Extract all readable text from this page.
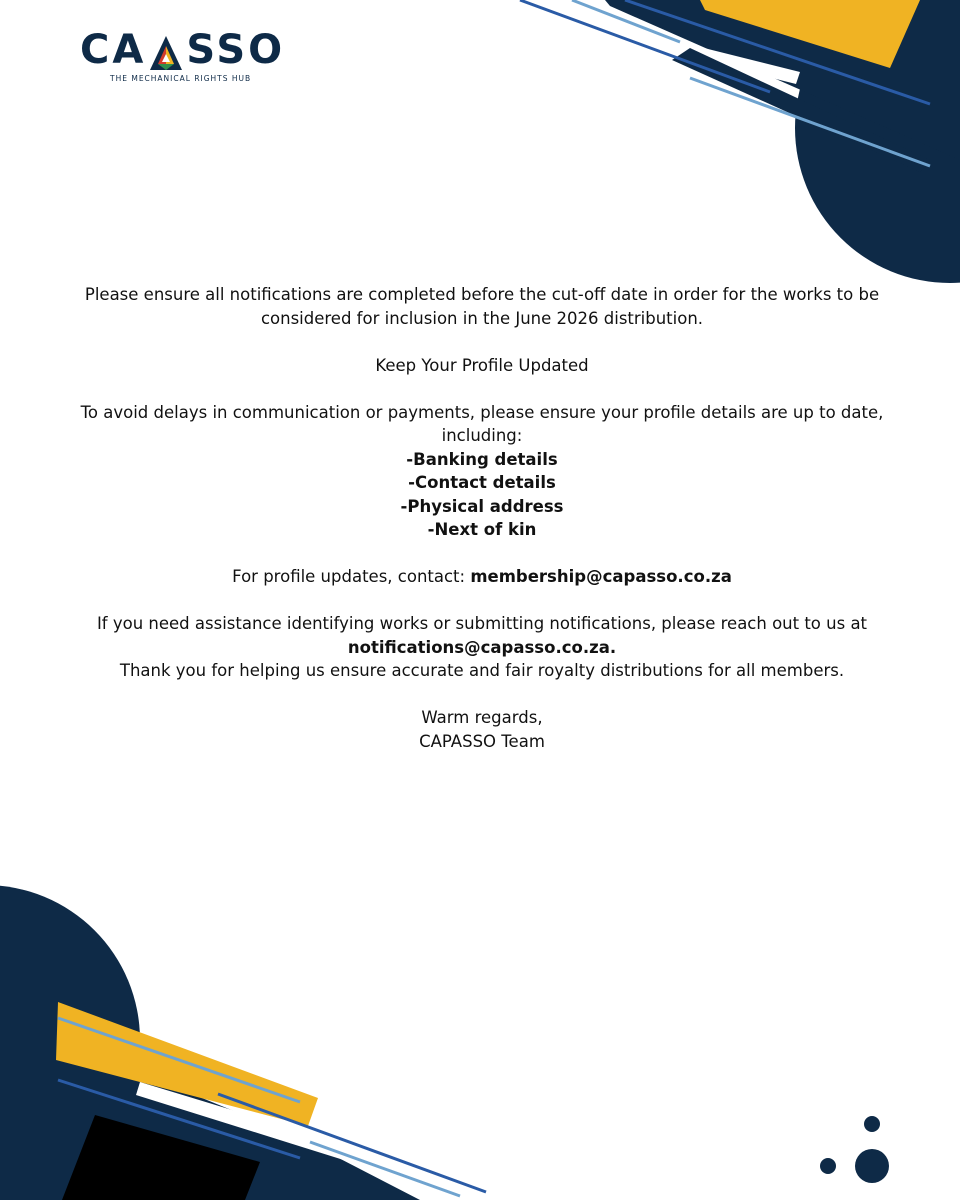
CA SSO
THE MECHANICAL RIGHTS HUB

Please ensure all notifications are completed before the cut-off date in order for the works to be considered for inclusion in the June 2026 distribution.

Keep Your Profile Updated

To avoid delays in communication or payments, please ensure your profile details are up to date, including:

-Banking details

-Contact details

-Physical address

-Next of kin

For profile updates, contact: membership@capasso.co.za

If you need assistance identifying works or submitting notifications, please reach out to us at

notifications@capasso.co.za.

Thank you for helping us ensure accurate and fair royalty distributions for all members.

Warm regards,

CAPASSO Team
